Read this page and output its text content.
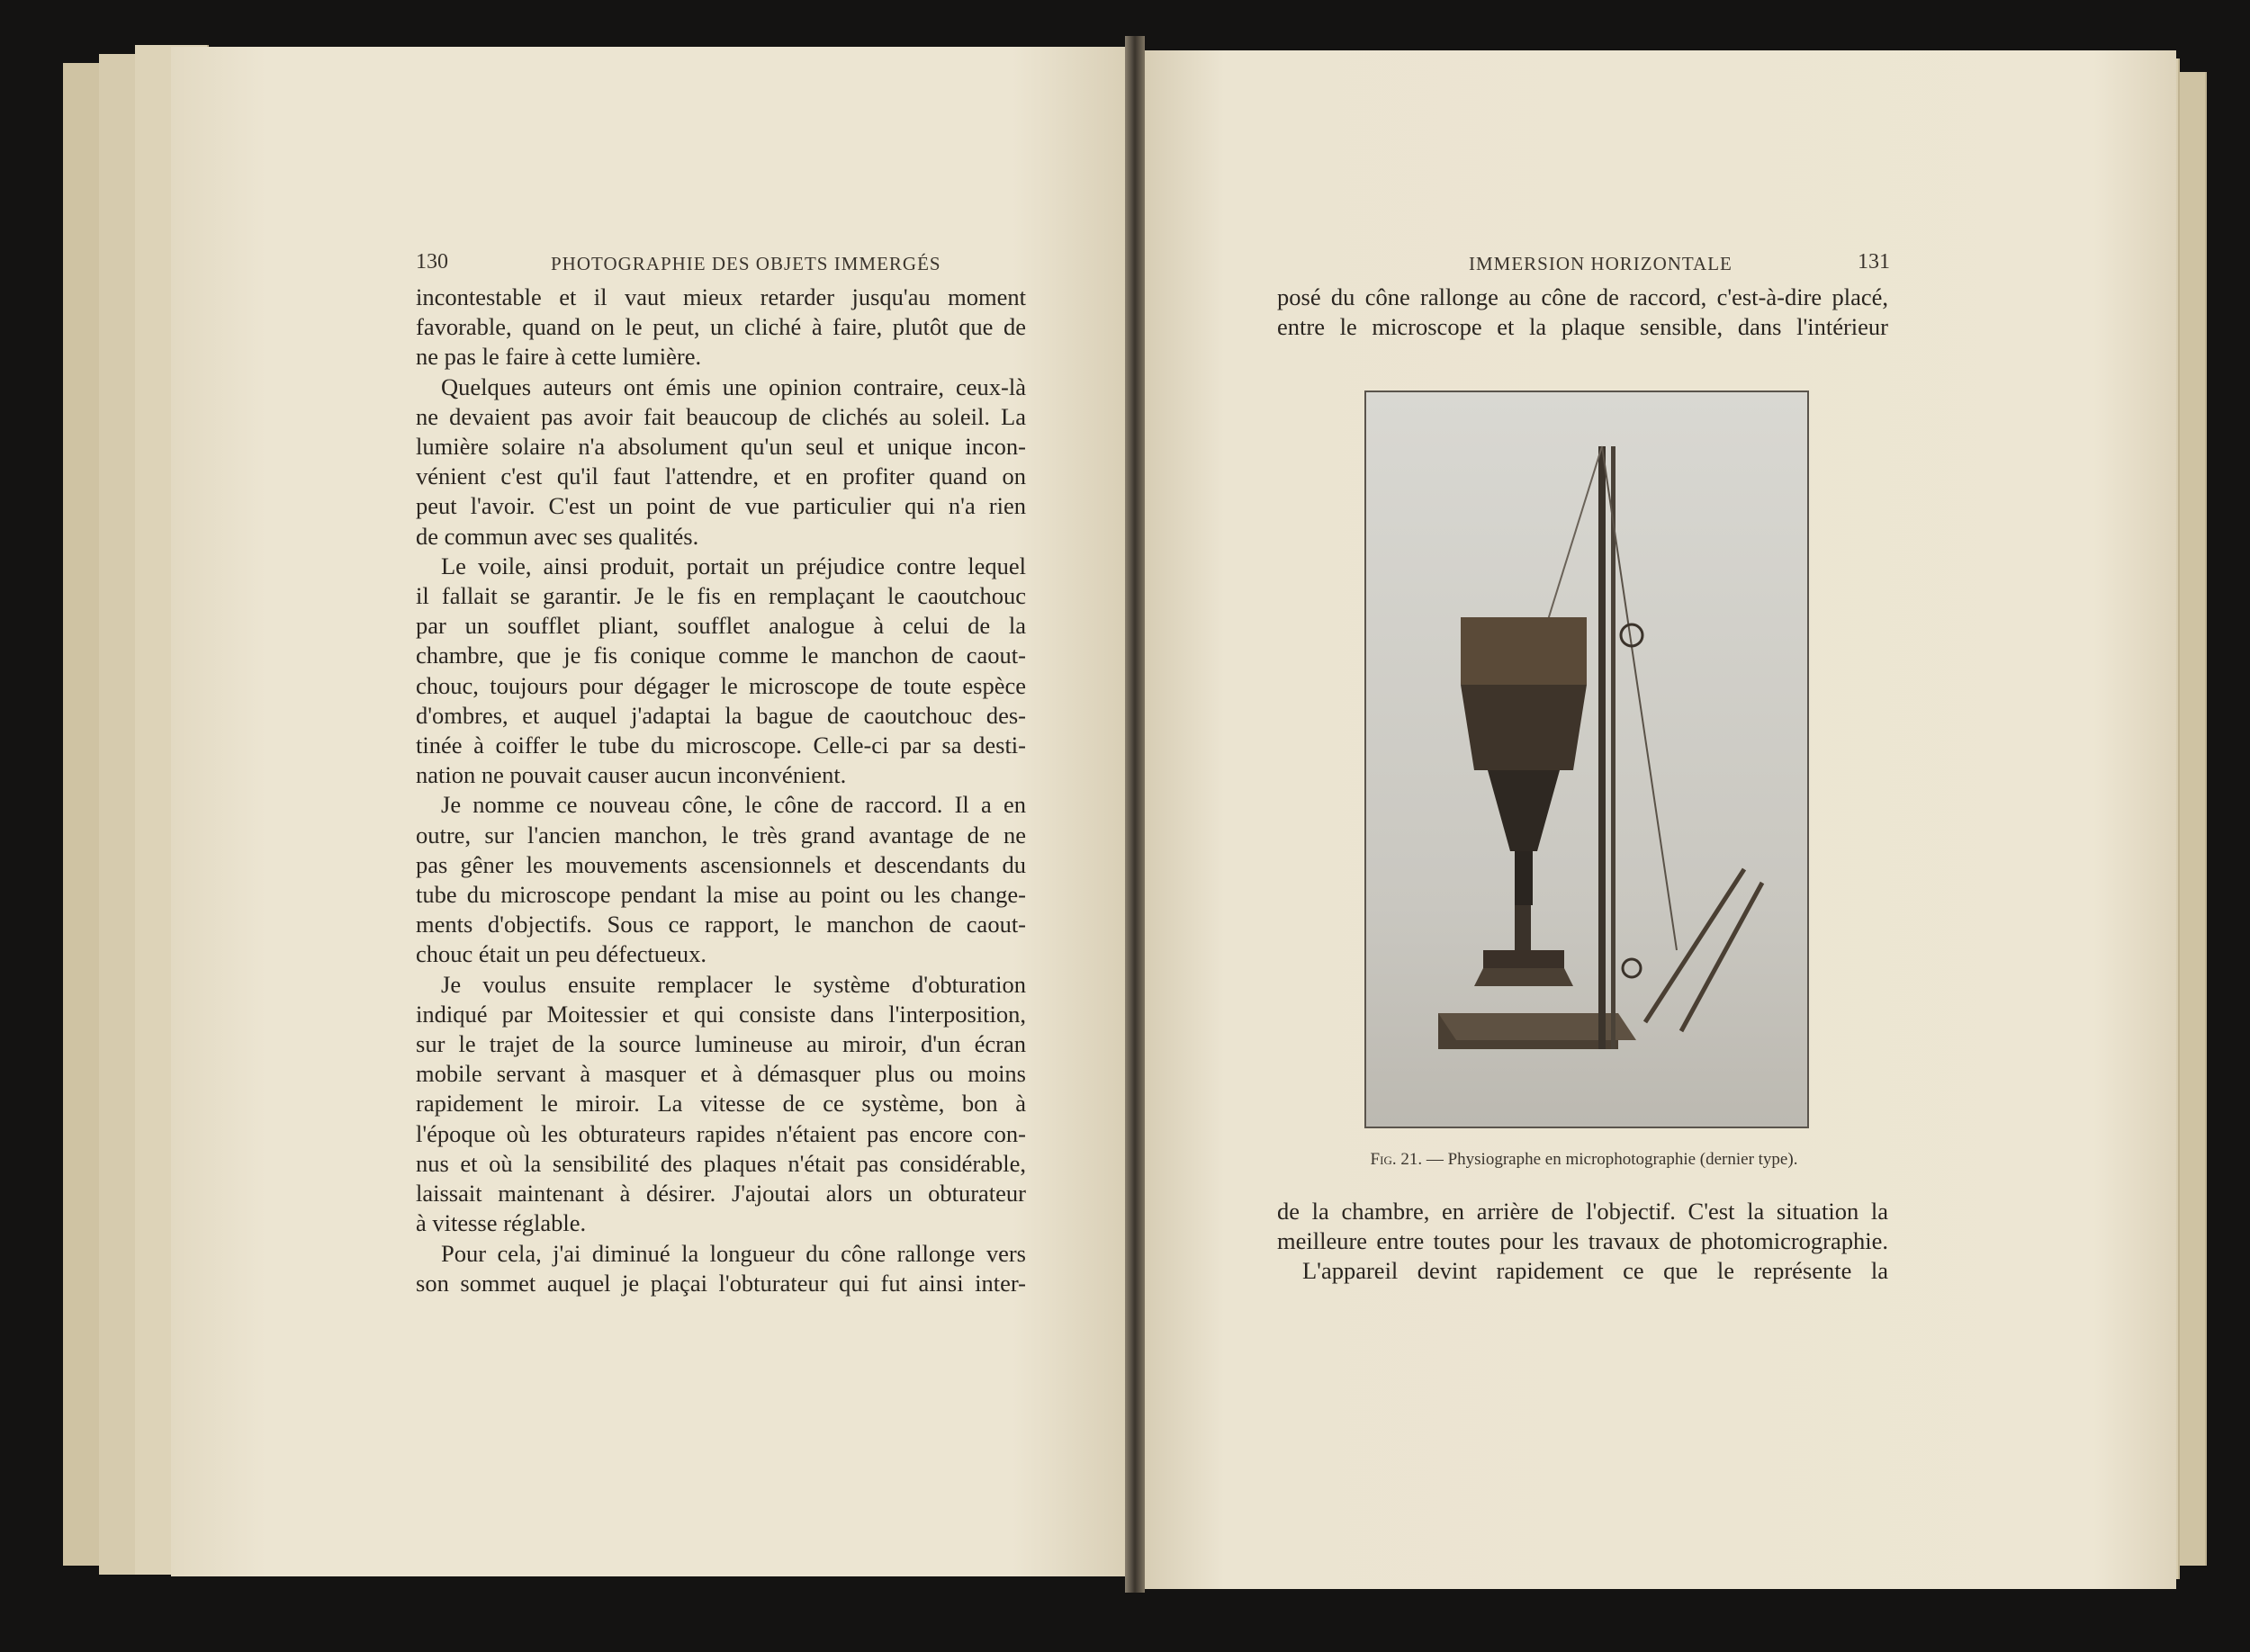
130	PHOTOGRAPHIE DES OBJETS IMMERGÉS
incontestable et il vaut mieux retarder jusqu'au moment
favorable, quand on le peut, un cliché à faire, plutôt que de
ne pas le faire à cette lumière.
Quelques auteurs ont émis une opinion contraire, ceux-là
ne devaient pas avoir fait beaucoup de clichés au soleil. La
lumière solaire n'a absolument qu'un seul et unique incon-
vénient c'est qu'il faut l'attendre, et en profiter quand on
peut l'avoir. C'est un point de vue particulier qui n'a rien
de commun avec ses qualités.
Le voile, ainsi produit, portait un préjudice contre lequel
il fallait se garantir. Je le fis en remplaçant le caoutchouc
par un soufflet pliant, soufflet analogue à celui de la
chambre, que je fis conique comme le manchon de caout-
chouc, toujours pour dégager le microscope de toute espèce
d'ombres, et auquel j'adaptai la bague de caoutchouc des-
tinée à coiffer le tube du microscope. Celle-ci par sa desti-
nation ne pouvait causer aucun inconvénient.
Je nomme ce nouveau cône, le cône de raccord. Il a en
outre, sur l'ancien manchon, le très grand avantage de ne
pas gêner les mouvements ascensionnels et descendants du
tube du microscope pendant la mise au point ou les change-
ments d'objectifs. Sous ce rapport, le manchon de caout-
chouc était un peu défectueux.
Je voulus ensuite remplacer le système d'obturation
indiqué par Moitessier et qui consiste dans l'interposition,
sur le trajet de la source lumineuse au miroir, d'un écran
mobile servant à masquer et à démasquer plus ou moins
rapidement le miroir. La vitesse de ce système, bon à
l'époque où les obturateurs rapides n'étaient pas encore con-
nus et où la sensibilité des plaques n'était pas considérable,
laissait maintenant à désirer. J'ajoutai alors un obturateur
à vitesse réglable.
Pour cela, j'ai diminué la longueur du cône rallonge vers
son sommet auquel je plaçai l'obturateur qui fut ainsi inter-
IMMERSION HORIZONTALE	131
posé du cône rallonge au cône de raccord, c'est-à-dire placé,
entre le microscope et la plaque sensible, dans l'intérieur
Fig. 21. — Physiographe en microphotographie (dernier type).
de la chambre, en arrière de l'objectif. C'est la situation la
meilleure entre toutes pour les travaux de photomicrographie.
L'appareil devint rapidement ce que le représente la
